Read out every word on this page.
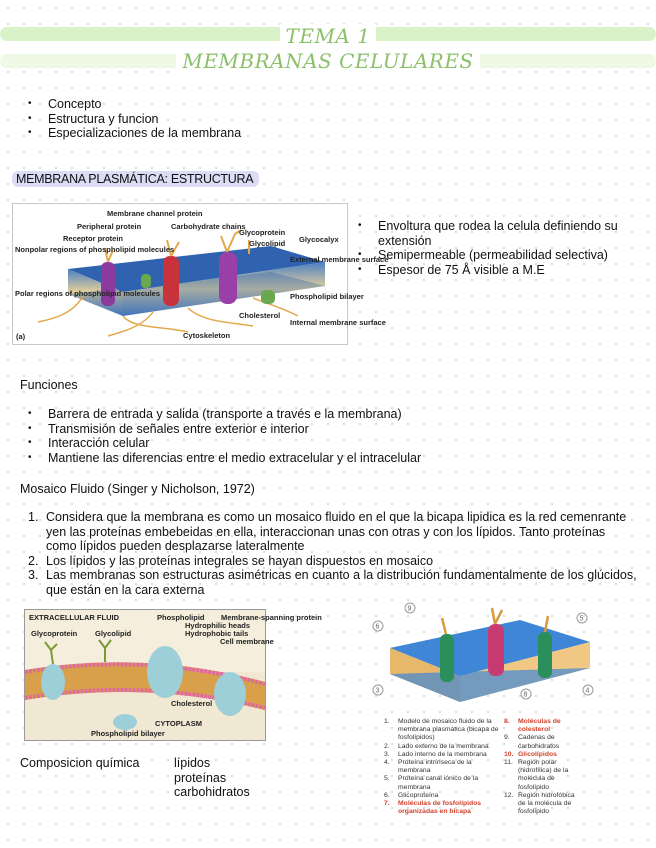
TEMA 1
MEMBRANAS CELULARES
• Concepto
• Estructura y funcion
• Especializaciones de la membrana
MEMBRANA PLASMÁTICA: ESTRUCTURA
Membrane channel protein
Peripheral protein
Receptor protein
Carbohydrate chains
Glycoprotein
Glycolipid Glycocalyx
Nonpolar regions of phospholipid molecules
External membrane surface
Polar regions of phospholipid molecules	Phospholipid bilayer
Cholesterol
Internal membrane surface
Cytoskeleton
(a)
• Envoltura que rodea la celula definiendo su extensión
• Semipermeable (permeabilidad selectiva)
• Espesor de 75 Å visible a M.E
Funciones
• Barrera de entrada y salida (transporte a través e la membrana)
• Transmisión de señales entre exterior e interior
• Interacción celular
• Mantiene las diferencias entre el medio extracelular y el intracelular
Mosaico Fluido (Singer y Nicholson, 1972)
1. Considera que la membrana es como un mosaico fluido en el que la bicapa lipidica es la red cemenrante yen las proteínas embebeidas en ella, interaccionan unas con otras y con los lípidos. Tanto proteínas como lípidos pueden desplazarse lateralmente
2. Los lípidos y las proteínas integrales se hayan dispuestos en mosaico
3. Las membranas son estructuras asimétricas en cuanto a la distribución fundamentalmente de los glúcidos, que están en la cara externa
EXTRACELLULAR FLUID
Glycoprotein Glycolipid
Phospholipid
Hydrophilic heads
Hydrophobic tails
Cell membrane
Membrane-spanning protein
Cholesterol
CYTOPLASM
Phospholipid bilayer
6
9
5
3
8
4
1.	Modelo de mosaico fluido de la membrana plasmática (bicapa de fosfolípidos)
2.	Lado externo de la membrana
3.	Lado interno de la membrana
4.	Proteína intrínseca de la membrana
5.	Proteína canal iónico de la membrana
6.	Glicoproteína
7.	Moléculas de fosfolípidos organizadas en bicapa
8.	Moléculas de colesterol
9.	Cadenas de carbohidratos
10. Glicolípidos
11. Región polar (hidrofílica) de la molécula de fosfolípido
12. Región hidrofóbica de la molécula de fosfolípido
Composicion química	lípidos
proteínas
carbohidratos
